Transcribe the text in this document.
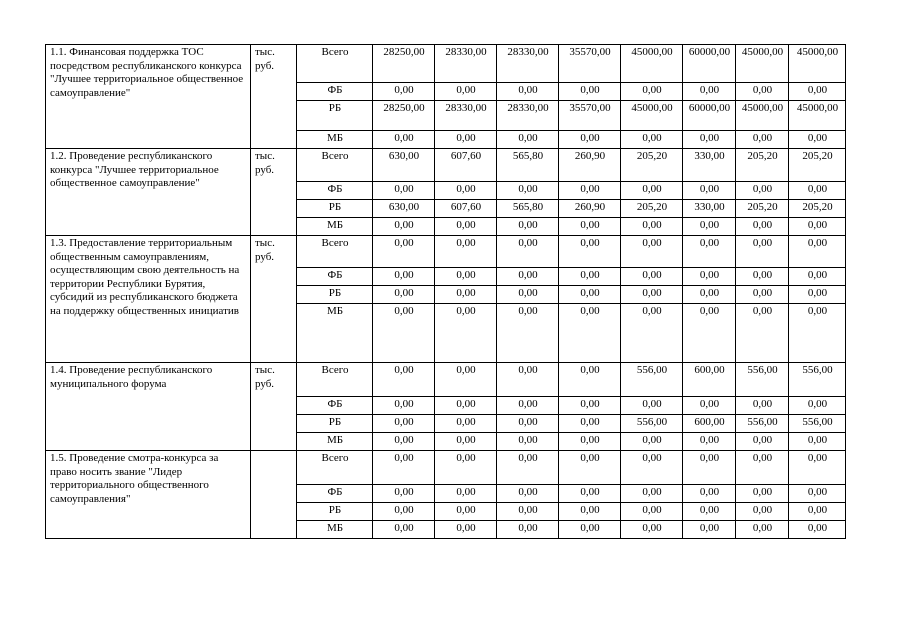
1.1. Финансовая поддержка ТОС посредством республиканского конкурса "Лучшее территориальное общественное самоуправление"	тыс. руб.	Всего	28250,00	28330,00	28330,00	35570,00	45000,00	60000,00	45000,00	45000,00
		ФБ	0,00	0,00	0,00	0,00	0,00	0,00	0,00	0,00
		РБ	28250,00	28330,00	28330,00	35570,00	45000,00	60000,00	45000,00	45000,00
		МБ	0,00	0,00	0,00	0,00	0,00	0,00	0,00	0,00
1.2. Проведение республиканского конкурса "Лучшее территориальное общественное самоуправление"	тыс. руб.	Всего	630,00	607,60	565,80	260,90	205,20	330,00	205,20	205,20
		ФБ	0,00	0,00	0,00	0,00	0,00	0,00	0,00	0,00
		РБ	630,00	607,60	565,80	260,90	205,20	330,00	205,20	205,20
		МБ	0,00	0,00	0,00	0,00	0,00	0,00	0,00	0,00
1.3. Предоставление территориальным общественным самоуправлениям, осуществляющим свою деятельность на территории Республики Бурятия, субсидий из республиканского бюджета на поддержку общественных инициатив	тыс. руб.	Всего	0,00	0,00	0,00	0,00	0,00	0,00	0,00	0,00
		ФБ	0,00	0,00	0,00	0,00	0,00	0,00	0,00	0,00
		РБ	0,00	0,00	0,00	0,00	0,00	0,00	0,00	0,00
		МБ	0,00	0,00	0,00	0,00	0,00	0,00	0,00	0,00
1.4. Проведение республиканского муниципального форума	тыс. руб.	Всего	0,00	0,00	0,00	0,00	556,00	600,00	556,00	556,00
		ФБ	0,00	0,00	0,00	0,00	0,00	0,00	0,00	0,00
		РБ	0,00	0,00	0,00	0,00	556,00	600,00	556,00	556,00
		МБ	0,00	0,00	0,00	0,00	0,00	0,00	0,00	0,00
1.5. Проведение смотра-конкурса за право носить звание "Лидер территориального общественного самоуправления"		Всего	0,00	0,00	0,00	0,00	0,00	0,00	0,00	0,00
		ФБ	0,00	0,00	0,00	0,00	0,00	0,00	0,00	0,00
		РБ	0,00	0,00	0,00	0,00	0,00	0,00	0,00	0,00
		МБ	0,00	0,00	0,00	0,00	0,00	0,00	0,00	0,00
